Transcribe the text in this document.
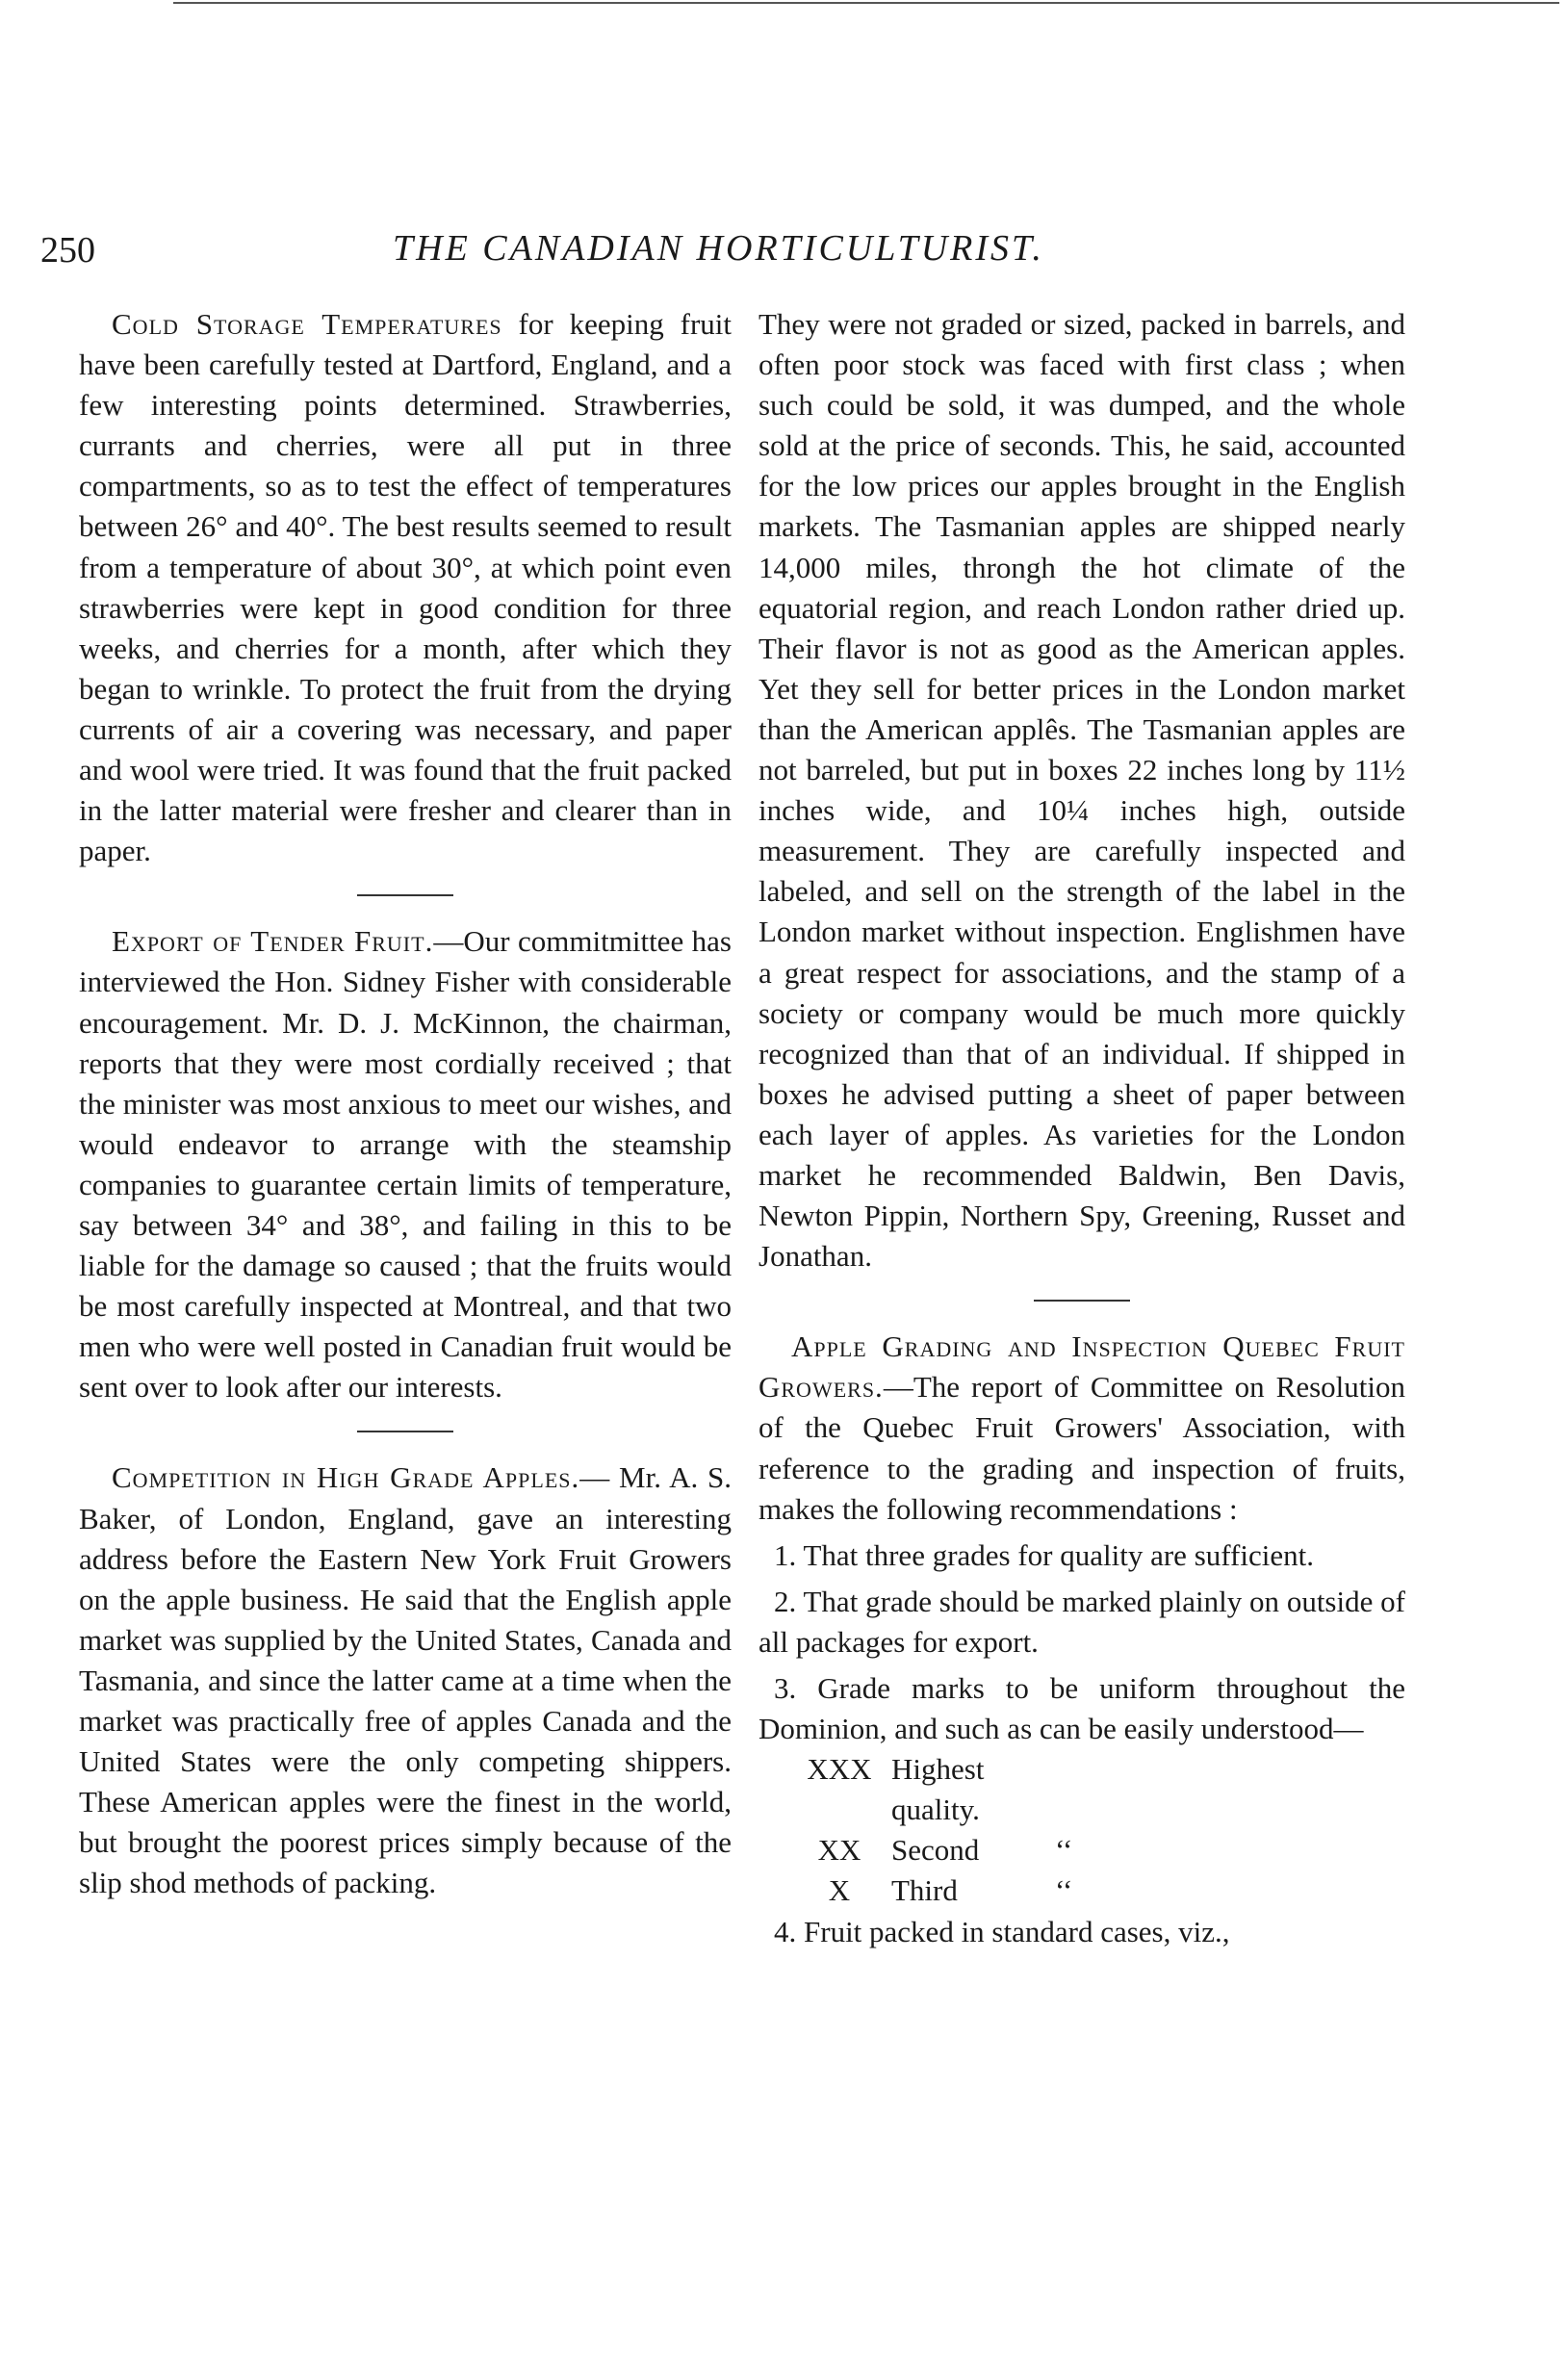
250	THE CANADIAN HORTICULTURIST.

Cold Storage Temperatures for keeping fruit have been carefully tested at Dartford, England, and a few interesting points determined. Strawberries, currants and cherries, were all put in three compartments, so as to test the effect of temperatures between 26° and 40°. The best results seemed to result from a temperature of about 30°, at which point even strawberries were kept in good condition for three weeks, and cherries for a month, after which they began to wrinkle. To protect the fruit from the drying currents of air a covering was necessary, and paper and wool were tried. It was found that the fruit packed in the latter material were fresher and clearer than in paper.

Export of Tender Fruit.—Our commitmittee has interviewed the Hon. Sidney Fisher with considerable encouragement. Mr. D. J. McKinnon, the chairman, reports that they were most cordially received ; that the minister was most anxious to meet our wishes, and would endeavor to arrange with the steamship companies to guarantee certain limits of temperature, say between 34° and 38°, and failing in this to be liable for the damage so caused ; that the fruits would be most carefully inspected at Montreal, and that two men who were well posted in Canadian fruit would be sent over to look after our interests.

Competition in High Grade Apples.— Mr. A. S. Baker, of London, England, gave an interesting address before the Eastern New York Fruit Growers on the apple business. He said that the English apple market was supplied by the United States, Canada and Tasmania, and since the latter came at a time when the market was practically free of apples Canada and the United States were the only competing shippers. These American apples were the finest in the world, but brought the poorest prices simply because of the slip shod methods of packing.

They were not graded or sized, packed in barrels, and often poor stock was faced with first class ; when such could be sold, it was dumped, and the whole sold at the price of seconds. This, he said, accounted for the low prices our apples brought in the English markets. The Tasmanian apples are shipped nearly 14,000 miles, throngh the hot climate of the equatorial region, and reach London rather dried up. Their flavor is not as good as the American apples. Yet they sell for better prices in the London market than the American applês. The Tasmanian apples are not barreled, but put in boxes 22 inches long by 11½ inches wide, and 10¼ inches high, outside measurement. They are carefully inspected and labeled, and sell on the strength of the label in the London market without inspection. Englishmen have a great respect for associations, and the stamp of a society or company would be much more quickly recognized than that of an individual. If shipped in boxes he advised putting a sheet of paper between each layer of apples. As varieties for the London market he recommended Baldwin, Ben Davis, Newton Pippin, Northern Spy, Greening, Russet and Jonathan.

Apple Grading and Inspection Quebec Fruit Growers.—The report of Committee on Resolution of the Quebec Fruit Growers' Association, with reference to the grading and inspection of fruits, makes the following recommendations :

1. That three grades for quality are sufficient.

2. That grade should be marked plainly on outside of all packages for export.

3. Grade marks to be uniform throughout the Dominion, and such as can be easily understood—

XXX	Highest quality.	
XX	Second	‘‘
X	Third	‘‘

4. Fruit packed in standard cases, viz.,
